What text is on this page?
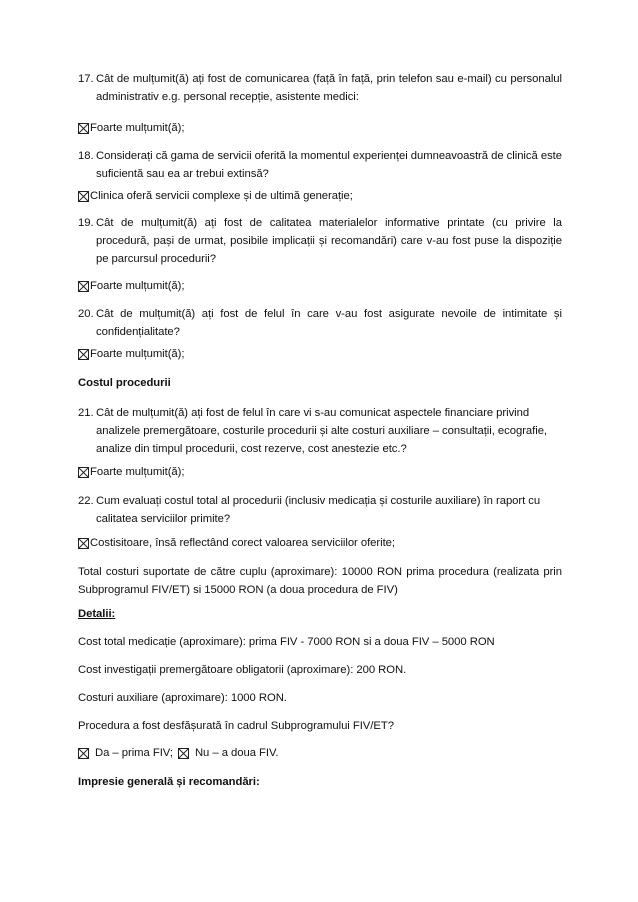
17. Cât de mulțumit(ă) ați fost de comunicarea (față în față, prin telefon sau e-mail) cu personalul administrativ e.g. personal recepție, asistente medici:
Foarte mulțumit(ă);
18. Considerați că gama de servicii oferită la momentul experienței dumneavoastră de clinică este suficientă sau ea ar trebui extinsă?
Clinica oferă servicii complexe și de ultimă generație;
19. Cât de mulțumit(ă) ați fost de calitatea materialelor informative printate (cu privire la procedură, pași de urmat, posibile implicații și recomandări) care v-au fost puse la dispoziție pe parcursul procedurii?
Foarte mulțumit(ă);
20. Cât de mulțumit(ă) ați fost de felul în care v-au fost asigurate nevoile de intimitate și confidențialitate?
Foarte mulțumit(ă);
Costul procedurii
21. Cât de mulțumit(ă) ați fost de felul în care vi s-au comunicat aspectele financiare privind analizele premergătoare, costurile procedurii și alte costuri auxiliare – consultații, ecografie, analize din timpul procedurii, cost rezerve, cost anestezie etc.?
Foarte mulțumit(ă);
22. Cum evaluați costul total al procedurii (inclusiv medicația și costurile auxiliare) în raport cu calitatea serviciilor primite?
Costisitoare, însă reflectând corect valoarea serviciilor oferite;
Total costuri suportate de către cuplu (aproximare): 10000 RON prima procedura (realizata prin Subprogramul FIV/ET) si 15000 RON (a doua procedura de FIV)
Detalii:
Cost total medicație (aproximare): prima FIV - 7000 RON si a doua FIV – 5000 RON
Cost investigații premergătoare obligatorii (aproximare): 200 RON.
Costuri auxiliare (aproximare): 1000 RON.
Procedura a fost desfășurată în cadrul Subprogramului FIV/ET?
Da – prima FIV; Nu – a doua FIV.
Impresie generală și recomandări:
